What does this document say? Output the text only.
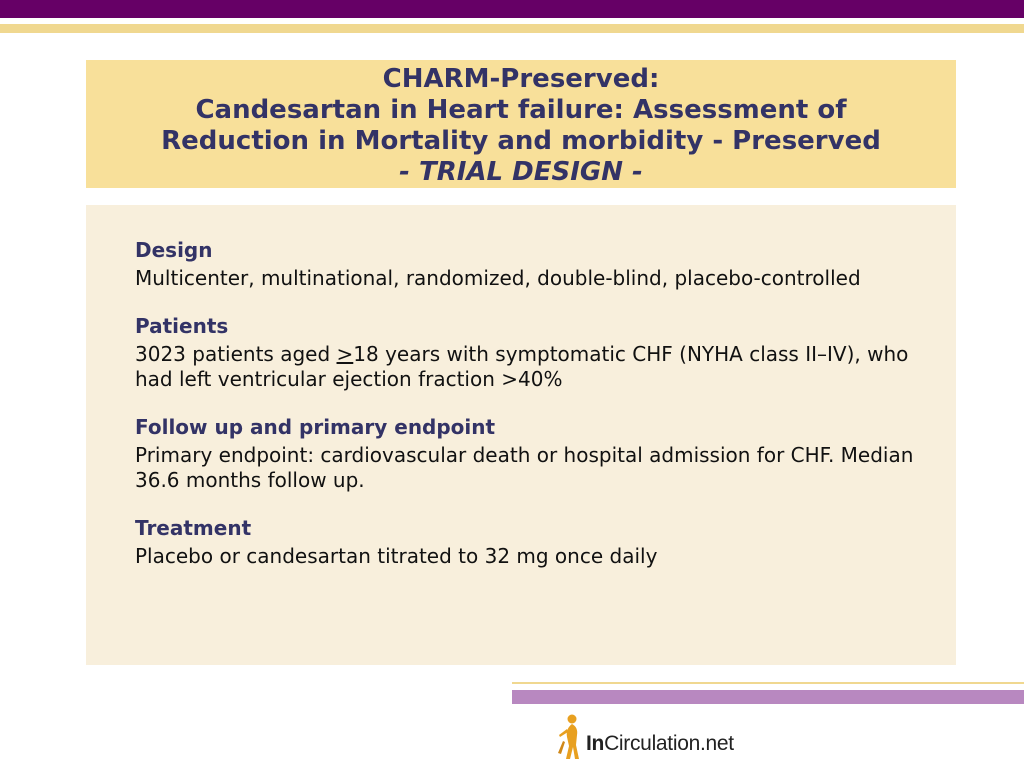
CHARM-Preserved:
Candesartan in Heart failure: Assessment of
Reduction in Mortality and morbidity - Preserved
- TRIAL DESIGN -
Design
Multicenter, multinational, randomized, double-blind, placebo-controlled
Patients
3023 patients aged ≥18 years with symptomatic CHF (NYHA class II–IV), who had left ventricular ejection fraction >40%
Follow up and primary endpoint
Primary endpoint: cardiovascular death or hospital admission for CHF. Median 36.6 months follow up.
Treatment
Placebo or candesartan titrated to 32 mg once daily
InCirculation.net
